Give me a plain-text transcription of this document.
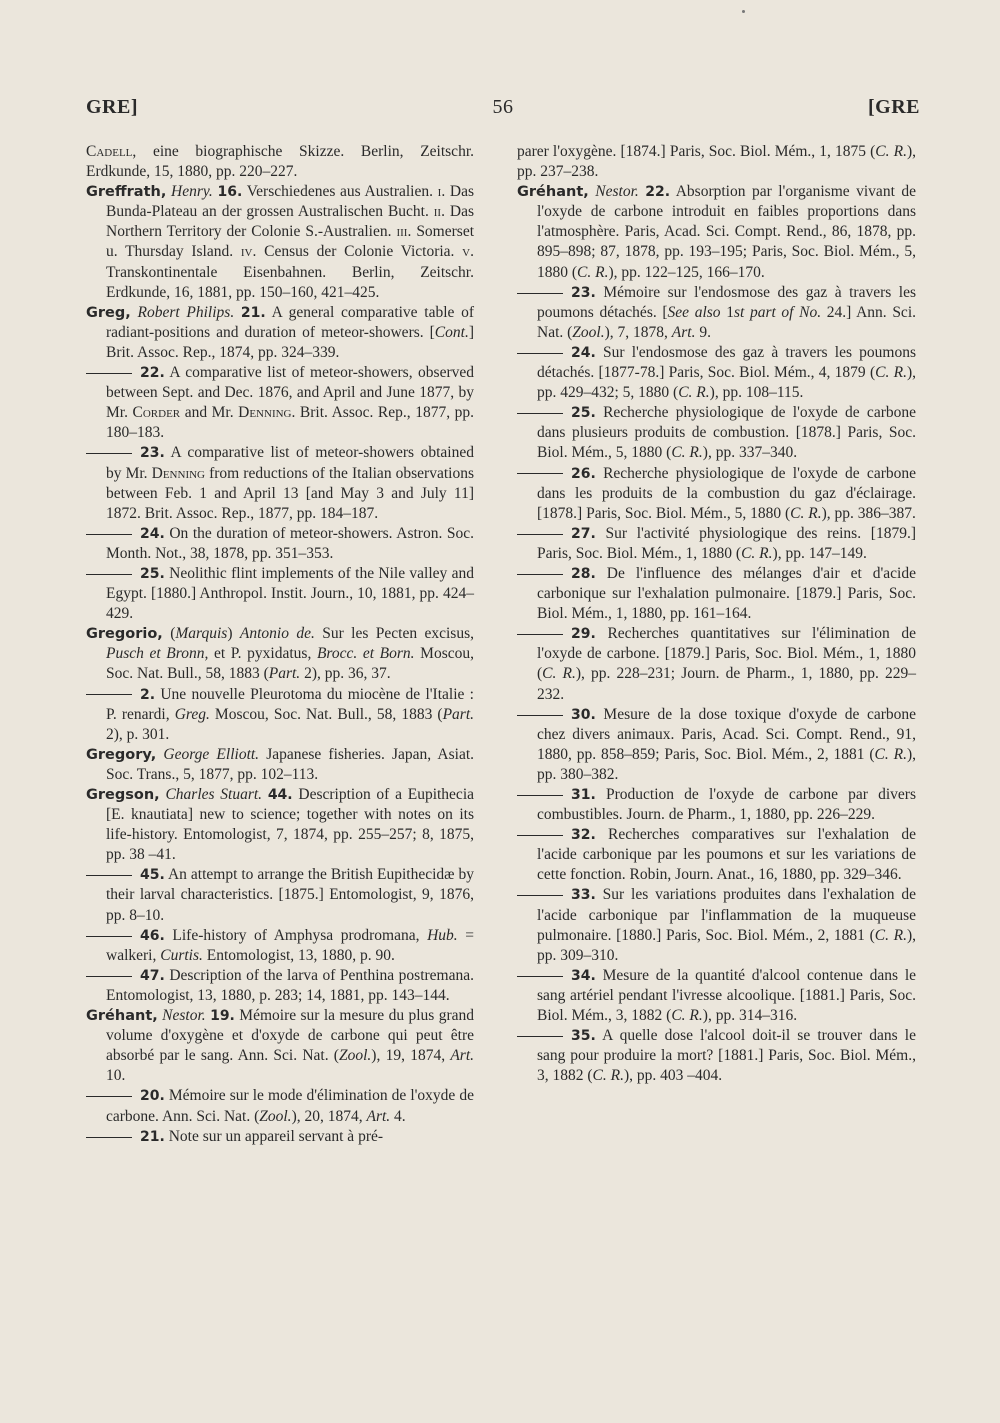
GRE]	56	[GRE

Cadell, eine biographische Skizze. Berlin, Zeitschr. Erdkunde, 15, 1880, pp. 220–227.

Greffrath, Henry. 16. Verschiedenes aus Australien. i. Das Bunda-Plateau an der grossen Australischen Bucht. ii. Das Northern Territory der Colonie S.-Australien. iii. Somerset u. Thursday Island. iv. Census der Colonie Victoria. v. Transkontinentale Eisenbahnen. Berlin, Zeitschr. Erdkunde, 16, 1881, pp. 150–160, 421–425.

Greg, Robert Philips. 21. A general comparative table of radiant-positions and duration of meteor-showers. [Cont.] Brit. Assoc. Rep., 1874, pp. 324–339.

22. A comparative list of meteor-showers, observed between Sept. and Dec. 1876, and April and June 1877, by Mr. Corder and Mr. Denning. Brit. Assoc. Rep., 1877, pp. 180–183.

23. A comparative list of meteor-showers obtained by Mr. Denning from reductions of the Italian observations between Feb. 1 and April 13 [and May 3 and July 11] 1872. Brit. Assoc. Rep., 1877, pp. 184–187.

24. On the duration of meteor-showers. Astron. Soc. Month. Not., 38, 1878, pp. 351–353.

25. Neolithic flint implements of the Nile valley and Egypt. [1880.] Anthropol. Instit. Journ., 10, 1881, pp. 424–429.

Gregorio, (Marquis) Antonio de. Sur les Pecten excisus, Pusch et Bronn, et P. pyxidatus, Brocc. et Born. Moscou, Soc. Nat. Bull., 58, 1883 (Part. 2), pp. 36, 37.

2. Une nouvelle Pleurotoma du miocène de l'Italie : P. renardi, Greg. Moscou, Soc. Nat. Bull., 58, 1883 (Part. 2), p. 301.

Gregory, George Elliott. Japanese fisheries. Japan, Asiat. Soc. Trans., 5, 1877, pp. 102–113.

Gregson, Charles Stuart. 44. Description of a Eupithecia [E. knautiata] new to science; together with notes on its life-history. Entomologist, 7, 1874, pp. 255–257; 8, 1875, pp. 38 –41.

45. An attempt to arrange the British Eupithecidæ by their larval characteristics. [1875.] Entomologist, 9, 1876, pp. 8–10.

46. Life-history of Amphysa prodromana, Hub. = walkeri, Curtis. Entomologist, 13, 1880, p. 90.

47. Description of the larva of Penthina postremana. Entomologist, 13, 1880, p. 283; 14, 1881, pp. 143–144.

Gréhant, Nestor. 19. Mémoire sur la mesure du plus grand volume d'oxygène et d'oxyde de carbone qui peut être absorbé par le sang. Ann. Sci. Nat. (Zool.), 19, 1874, Art. 10.

20. Mémoire sur le mode d'élimination de l'oxyde de carbone. Ann. Sci. Nat. (Zool.), 20, 1874, Art. 4.

21. Note sur un appareil servant à pré-

parer l'oxygène. [1874.] Paris, Soc. Biol. Mém., 1, 1875 (C. R.), pp. 237–238.

Gréhant, Nestor. 22. Absorption par l'organisme vivant de l'oxyde de carbone introduit en faibles proportions dans l'atmosphère. Paris, Acad. Sci. Compt. Rend., 86, 1878, pp. 895–898; 87, 1878, pp. 193–195; Paris, Soc. Biol. Mém., 5, 1880 (C. R.), pp. 122–125, 166–170.

23. Mémoire sur l'endosmose des gaz à travers les poumons détachés. [See also 1st part of No. 24.] Ann. Sci. Nat. (Zool.), 7, 1878, Art. 9.

24. Sur l'endosmose des gaz à travers les poumons détachés. [1877-78.] Paris, Soc. Biol. Mém., 4, 1879 (C. R.), pp. 429–432; 5, 1880 (C. R.), pp. 108–115.

25. Recherche physiologique de l'oxyde de carbone dans plusieurs produits de combustion. [1878.] Paris, Soc. Biol. Mém., 5, 1880 (C. R.), pp. 337–340.

26. Recherche physiologique de l'oxyde de carbone dans les produits de la combustion du gaz d'éclairage. [1878.] Paris, Soc. Biol. Mém., 5, 1880 (C. R.), pp. 386–387.

27. Sur l'activité physiologique des reins. [1879.] Paris, Soc. Biol. Mém., 1, 1880 (C. R.), pp. 147–149.

28. De l'influence des mélanges d'air et d'acide carbonique sur l'exhalation pulmonaire. [1879.] Paris, Soc. Biol. Mém., 1, 1880, pp. 161–164.

29. Recherches quantitatives sur l'élimination de l'oxyde de carbone. [1879.] Paris, Soc. Biol. Mém., 1, 1880 (C. R.), pp. 228–231; Journ. de Pharm., 1, 1880, pp. 229–232.

30. Mesure de la dose toxique d'oxyde de carbone chez divers animaux. Paris, Acad. Sci. Compt. Rend., 91, 1880, pp. 858–859; Paris, Soc. Biol. Mém., 2, 1881 (C. R.), pp. 380–382.

31. Production de l'oxyde de carbone par divers combustibles. Journ. de Pharm., 1, 1880, pp. 226–229.

32. Recherches comparatives sur l'exhalation de l'acide carbonique par les poumons et sur les variations de cette fonction. Robin, Journ. Anat., 16, 1880, pp. 329–346.

33. Sur les variations produites dans l'exhalation de l'acide carbonique par l'inflammation de la muqueuse pulmonaire. [1880.] Paris, Soc. Biol. Mém., 2, 1881 (C. R.), pp. 309–310.

34. Mesure de la quantité d'alcool contenue dans le sang artériel pendant l'ivresse alcoolique. [1881.] Paris, Soc. Biol. Mém., 3, 1882 (C. R.), pp. 314–316.

35. A quelle dose l'alcool doit-il se trouver dans le sang pour produire la mort? [1881.] Paris, Soc. Biol. Mém., 3, 1882 (C. R.), pp. 403 –404.
